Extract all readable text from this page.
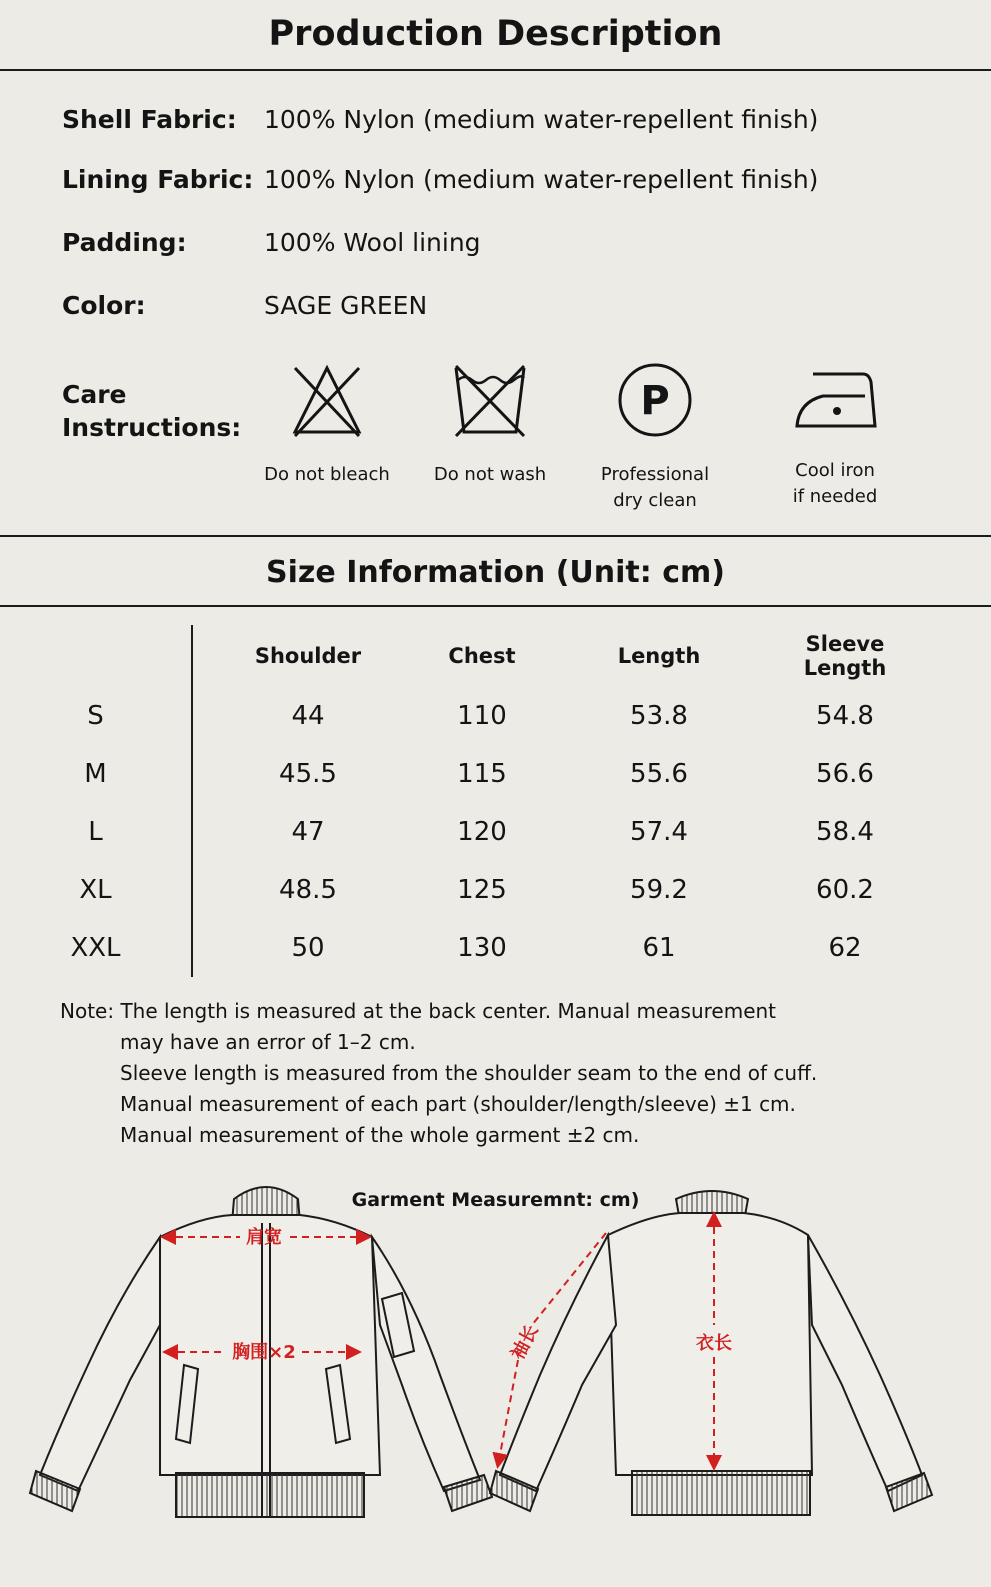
Production Description
Shell Fabric: 100% Nylon (medium water-repellent finish)
Lining Fabric: 100% Nylon (medium water-repellent finish)
Padding:	100% Wool lining
Color:	SAGE GREEN
Care
Instructions:
Do not bleach	Do not wash
P
Professional
dry clean
Cool iron
if needed
Size Information (Unit: cm)
	Shoulder	Chest	Length	Sleeve Length
S	44	110	53.8	54.8
M	45.5	115	55.6	56.6
L	47	120	57.4	58.4
XL	48.5	125	59.2	60.2
XXL	50	130	61	62
Note: The length is measured at the back center. Manual measurement
may have an error of 1–2 cm.
Sleeve length is measured from the shoulder seam to the end of cuff.
Manual measurement of each part (shoulder/length/sleeve) ±1 cm.
Manual measurement of the whole garment ±2 cm.
Garment Measuremnt: cm)
肩宽
胸围×2	袖长	衣长
